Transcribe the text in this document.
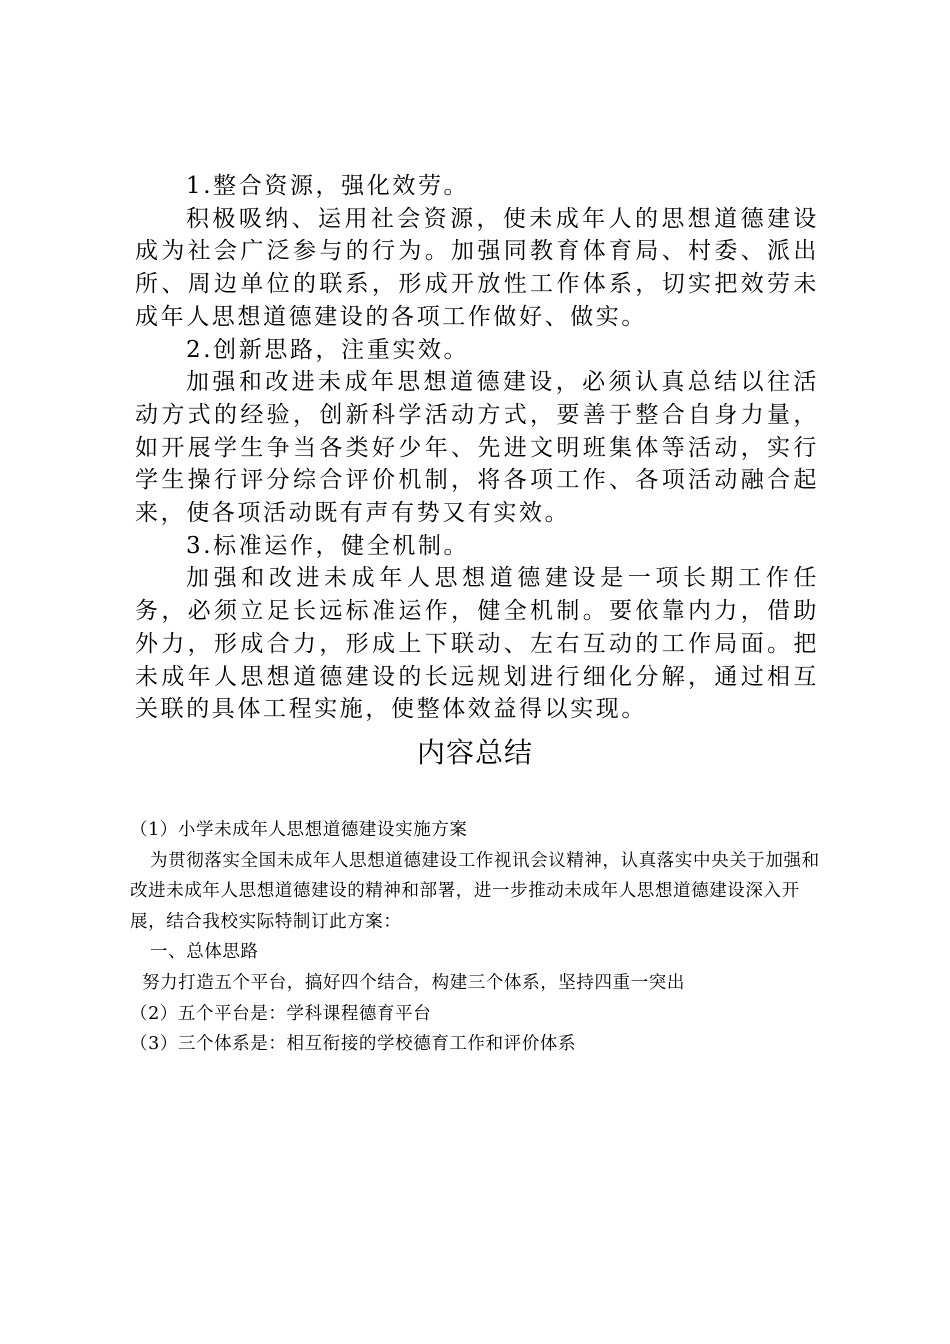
1.整合资源，强化效劳。

积极吸纳、运用社会资源，使未成年人的思想道德建设成为社会广泛参与的行为。加强同教育体育局、村委、派出所、周边单位的联系，形成开放性工作体系，切实把效劳未成年人思想道德建设的各项工作做好、做实。

2.创新思路，注重实效。

加强和改进未成年思想道德建设，必须认真总结以往活动方式的经验，创新科学活动方式，要善于整合自身力量，如开展学生争当各类好少年、先进文明班集体等活动，实行学生操行评分综合评价机制，将各项工作、各项活动融合起来，使各项活动既有声有势又有实效。

3.标准运作，健全机制。

加强和改进未成年人思想道德建设是一项长期工作任务，必须立足长远标准运作，健全机制。要依靠内力，借助外力，形成合力，形成上下联动、左右互动的工作局面。把未成年人思想道德建设的长远规划进行细化分解，通过相互关联的具体工程实施，使整体效益得以实现。

内容总结

（1）小学未成年人思想道德建设实施方案

为贯彻落实全国未成年人思想道德建设工作视讯会议精神，认真落实中央关于加强和改进未成年人思想道德建设的精神和部署，进一步推动未成年人思想道德建设深入开展，结合我校实际特制订此方案：

一、总体思路

努力打造五个平台，搞好四个结合，构建三个体系，坚持四重一突出

（2）五个平台是：学科课程德育平台

（3）三个体系是：相互衔接的学校德育工作和评价体系
